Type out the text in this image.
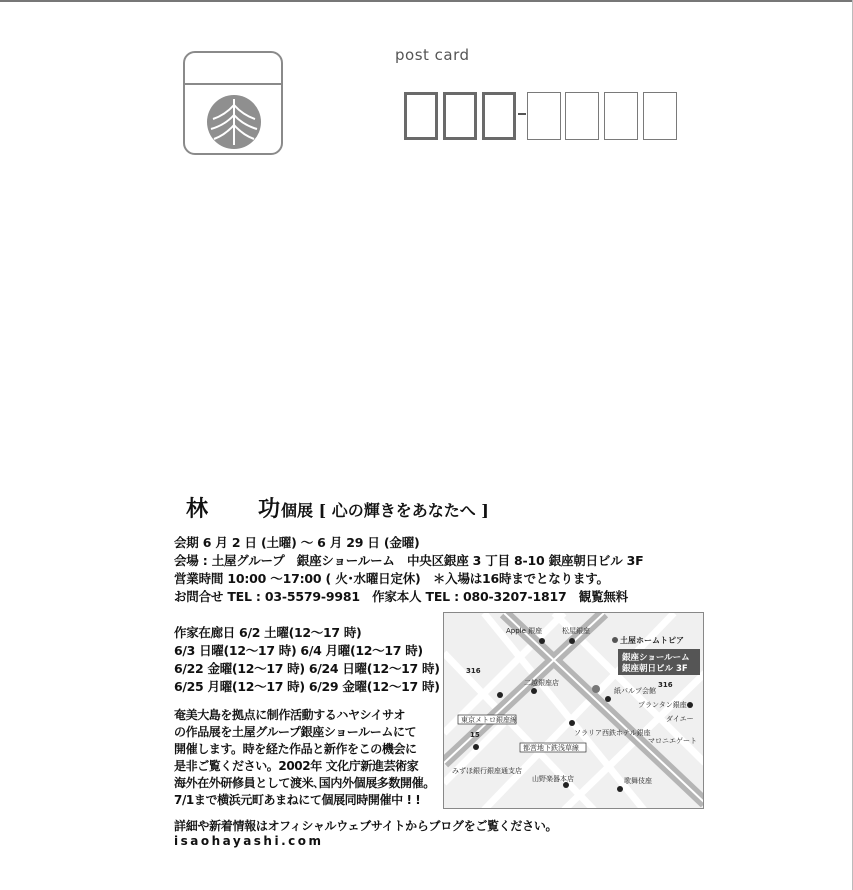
post card
林　功
個展 [ 心の輝きをあなたへ ]
会期 6 月 2 日 (土曜) ～ 6 月 29 日 (金曜)
会場 : 土屋グループ　銀座ショールーム　中央区銀座 3 丁目 8-10 銀座朝日ビル 3F
営業時間 10:00 ～17:00 ( 火･水曜日定休)　＊入場は16時までとなります。
お問合せ TEL : 03-5579-9981　作家本人 TEL : 080-3207-1817　観覧無料
作家在廊日 6/2 土曜(12～17 時)
6/3 日曜(12～17 時) 6/4 月曜(12～17 時)
6/22 金曜(12～17 時) 6/24 日曜(12～17 時)
6/25 月曜(12～17 時) 6/29 金曜(12～17 時)
奄美大島を拠点に制作活動するハヤシイサオ
の作品展を土屋グループ銀座ショールームにて
開催します。時を経た作品と新作をこの機会に
是非ご覧ください。2002年 文化庁新進芸術家
海外在外研修員として渡米､国内外個展多数開催。
7/1まで横浜元町あまねにて個展同時開催中 ! !
銀座ショールーム
銀座朝日ビル 3F
土屋ホームトピア
Apple 銀座	松屋銀座
二越銀座店
紙パルプ会館
ソラリア西鉄ホテル銀座
東京メトロ銀座線
都営地下鉄浅草線
みずほ銀行銀座通支店
山野楽器本店	歌舞伎座
プランタン銀座
マロニエゲート
ダイエー
316
15
316
詳細や新着情報はオフィシャルウェブサイトからブログをご覧ください。
isaohayashi.com
